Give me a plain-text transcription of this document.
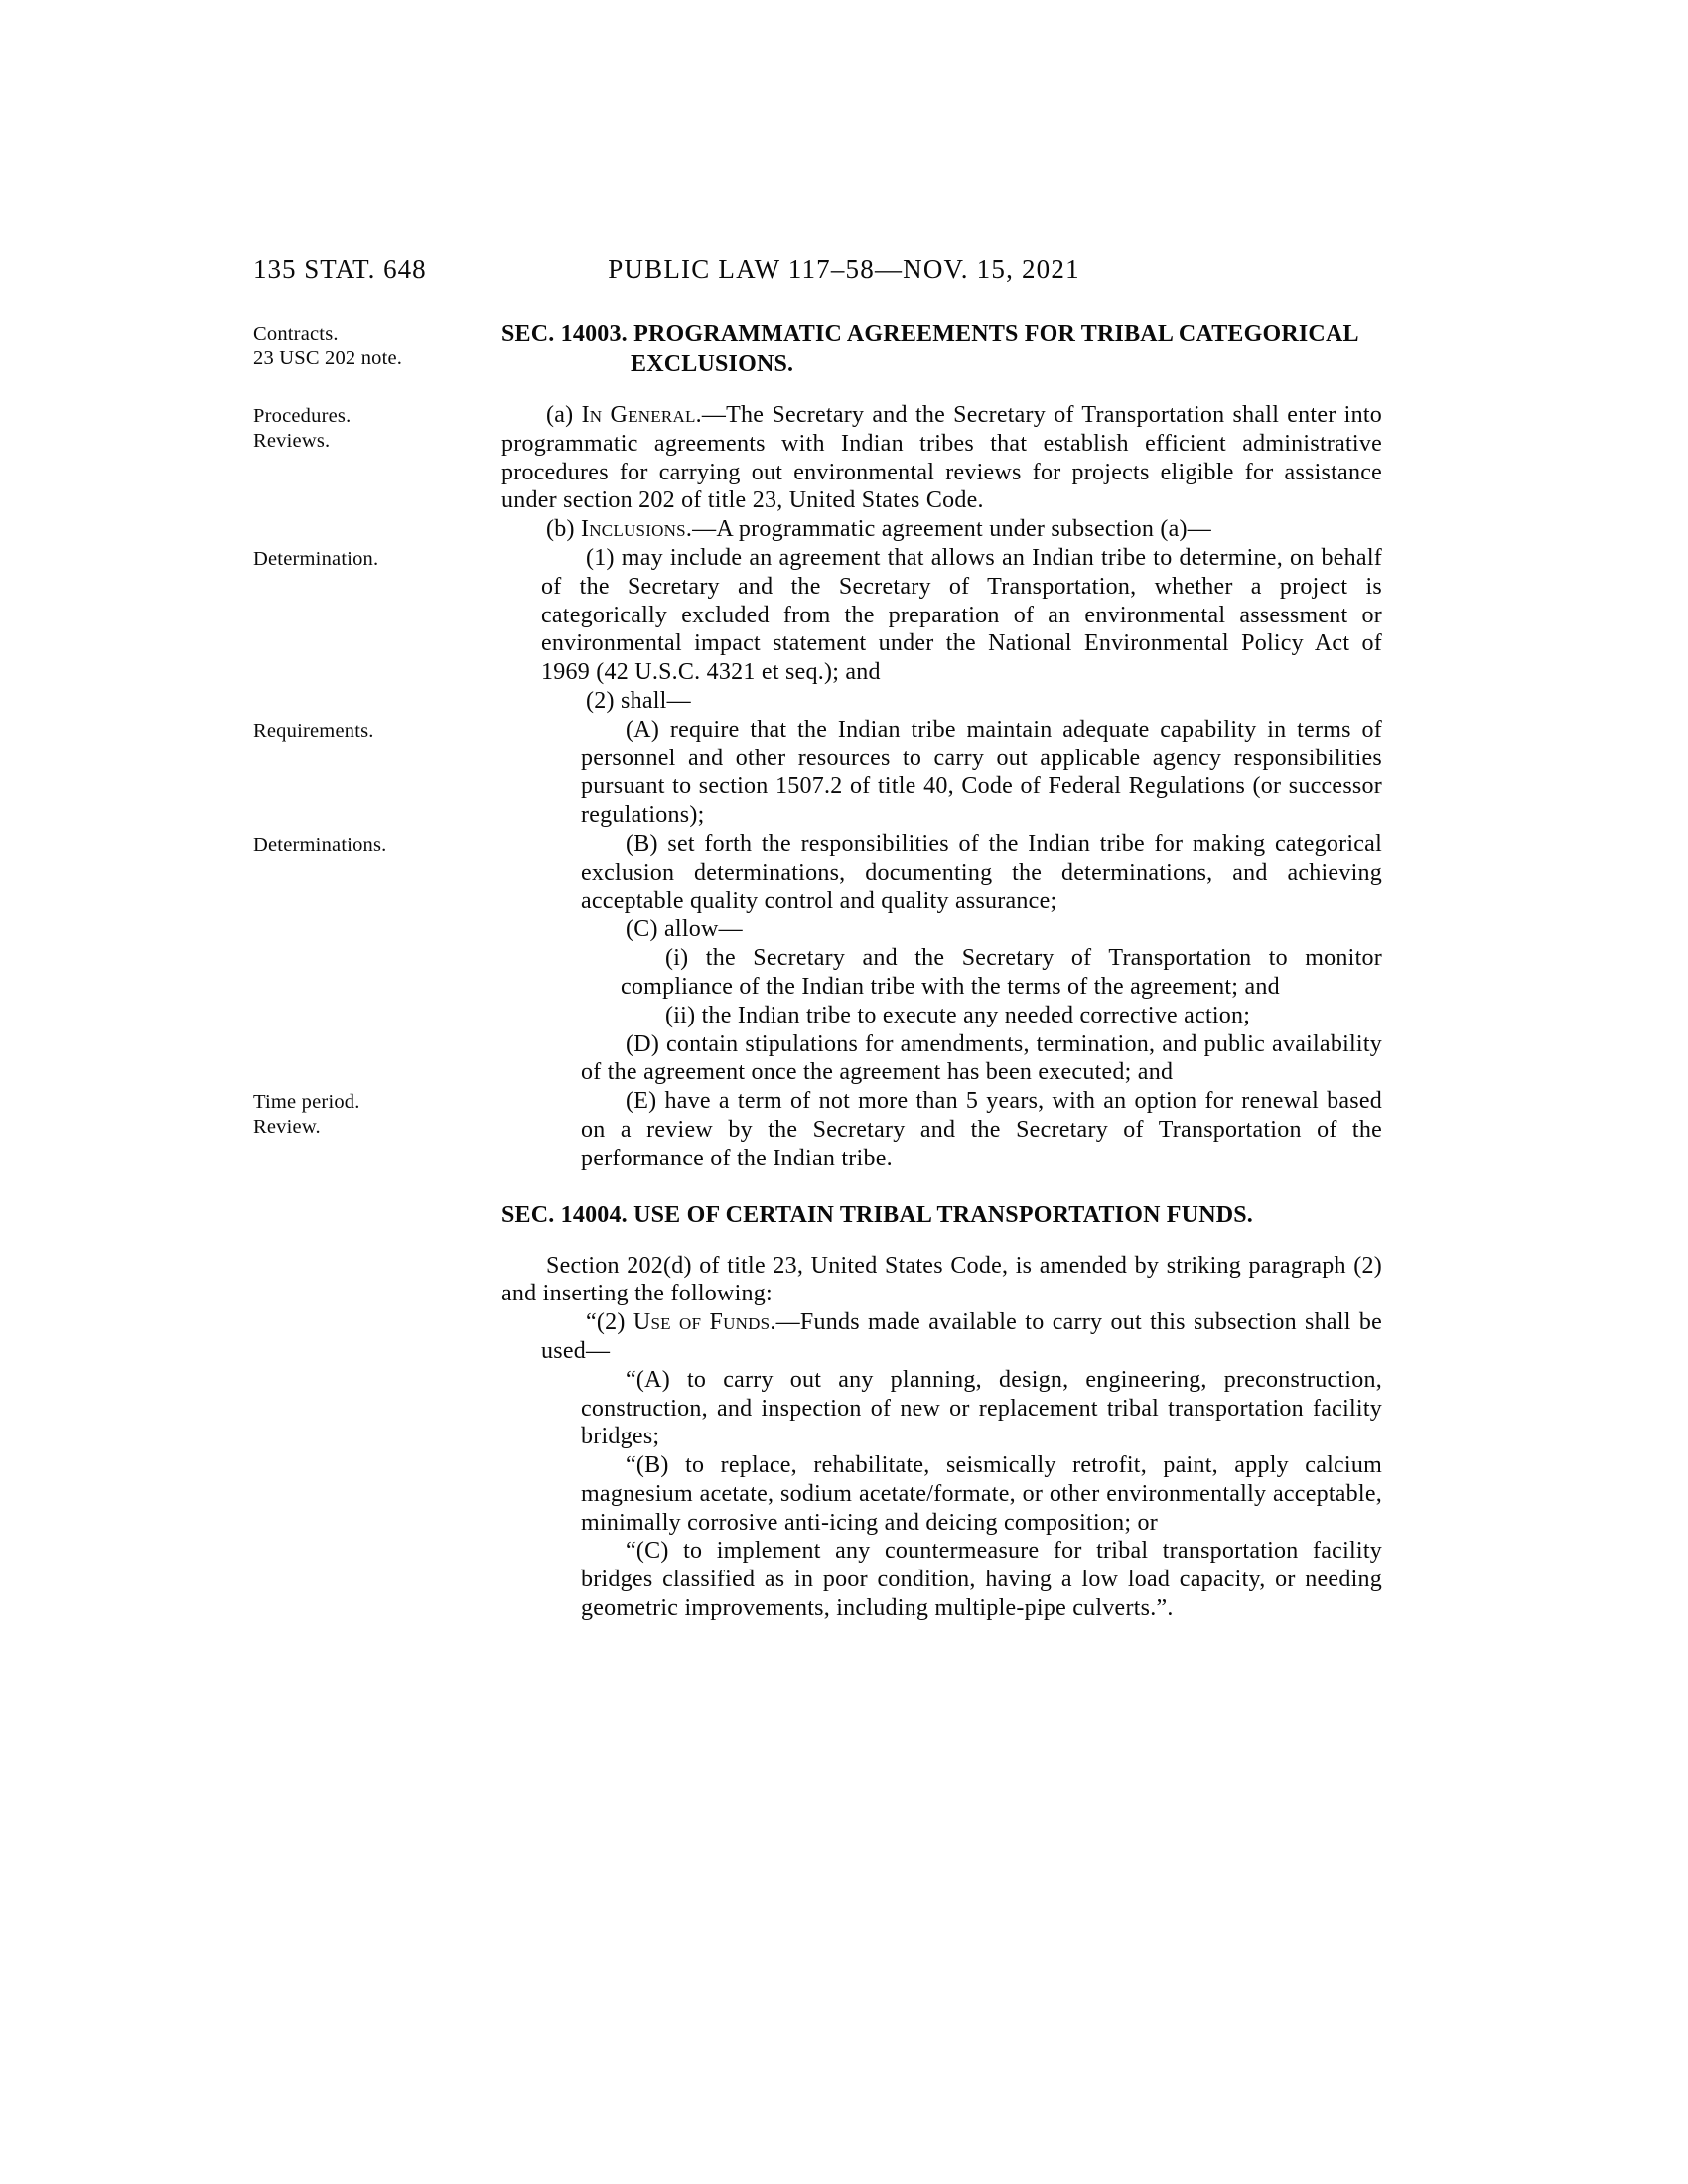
135 STAT. 648	PUBLIC LAW 117–58—NOV. 15, 2021
Contracts.
23 USC 202 note.
Procedures.
Reviews.
Determination.
Requirements.
Determinations.
Time period.
Review.
SEC. 14003. PROGRAMMATIC AGREEMENTS FOR TRIBAL CATEGORICAL EXCLUSIONS.

(a) In General.—The Secretary and the Secretary of Transportation shall enter into programmatic agreements with Indian tribes that establish efficient administrative procedures for carrying out environmental reviews for projects eligible for assistance under section 202 of title 23, United States Code.

(b) Inclusions.—A programmatic agreement under subsection (a)—

(1) may include an agreement that allows an Indian tribe to determine, on behalf of the Secretary and the Secretary of Transportation, whether a project is categorically excluded from the preparation of an environmental assessment or environmental impact statement under the National Environmental Policy Act of 1969 (42 U.S.C. 4321 et seq.); and

(2) shall—

(A) require that the Indian tribe maintain adequate capability in terms of personnel and other resources to carry out applicable agency responsibilities pursuant to section 1507.2 of title 40, Code of Federal Regulations (or successor regulations);

(B) set forth the responsibilities of the Indian tribe for making categorical exclusion determinations, documenting the determinations, and achieving acceptable quality control and quality assurance;

(C) allow—

(i) the Secretary and the Secretary of Transportation to monitor compliance of the Indian tribe with the terms of the agreement; and

(ii) the Indian tribe to execute any needed corrective action;

(D) contain stipulations for amendments, termination, and public availability of the agreement once the agreement has been executed; and

(E) have a term of not more than 5 years, with an option for renewal based on a review by the Secretary and the Secretary of Transportation of the performance of the Indian tribe.

SEC. 14004. USE OF CERTAIN TRIBAL TRANSPORTATION FUNDS.

Section 202(d) of title 23, United States Code, is amended by striking paragraph (2) and inserting the following:

“(2) Use of Funds.—Funds made available to carry out this subsection shall be used—

“(A) to carry out any planning, design, engineering, preconstruction, construction, and inspection of new or replacement tribal transportation facility bridges;

“(B) to replace, rehabilitate, seismically retrofit, paint, apply calcium magnesium acetate, sodium acetate/formate, or other environmentally acceptable, minimally corrosive anti-icing and deicing composition; or

“(C) to implement any countermeasure for tribal transportation facility bridges classified as in poor condition, having a low load capacity, or needing geometric improvements, including multiple-pipe culverts.”.
